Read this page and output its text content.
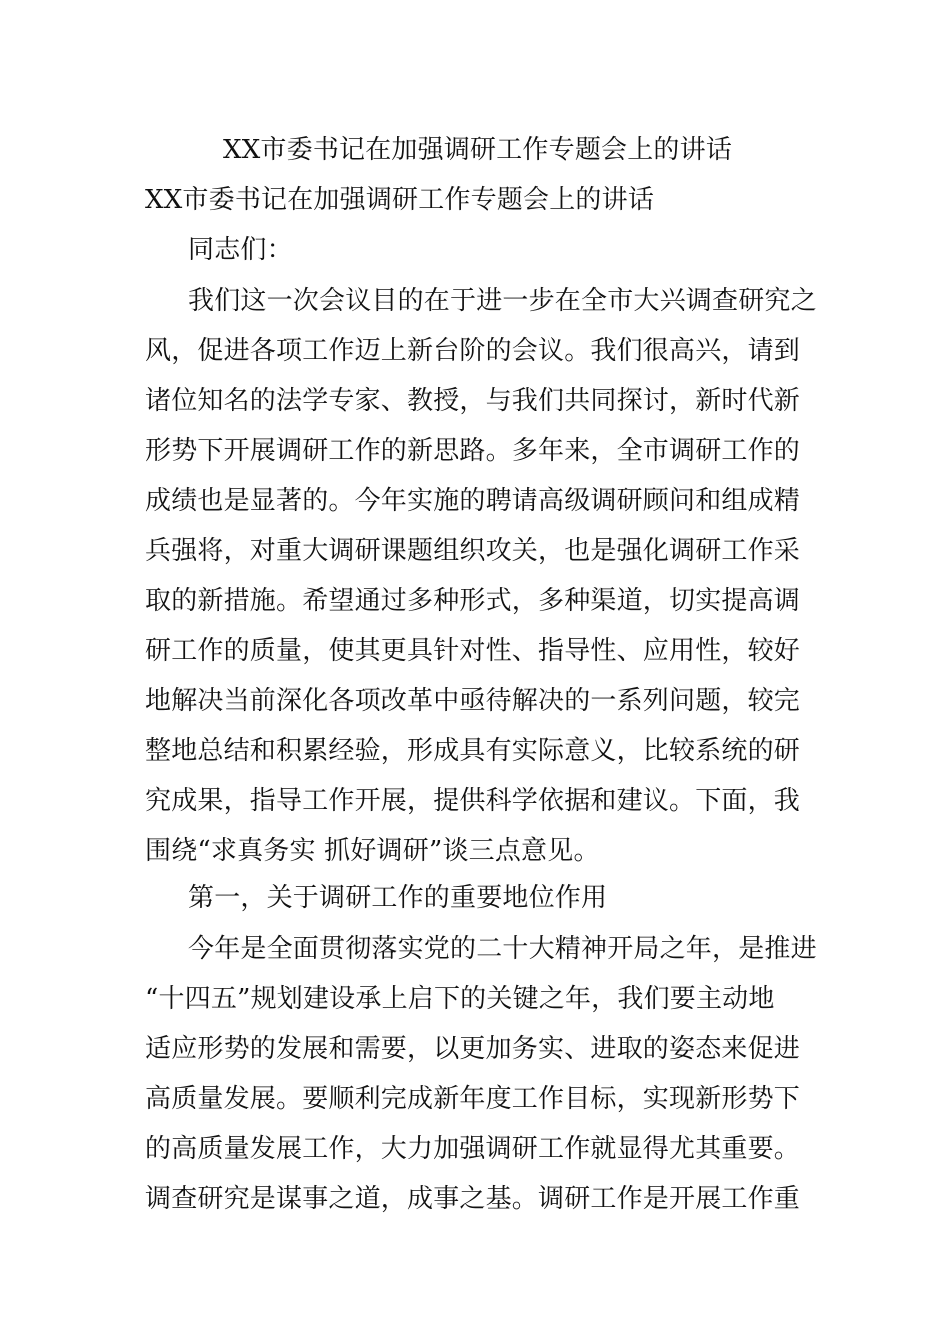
XX市委书记在加强调研工作专题会上的讲话
XX市委书记在加强调研工作专题会上的讲话
同志们：
我们这一次会议目的在于进一步在全市大兴调查研究之
风，促进各项工作迈上新台阶的会议。我们很高兴，请到
诸位知名的法学专家、教授，与我们共同探讨，新时代新
形势下开展调研工作的新思路。多年来，全市调研工作的
成绩也是显著的。今年实施的聘请高级调研顾问和组成精
兵强将，对重大调研课题组织攻关，也是强化调研工作采
取的新措施。希望通过多种形式，多种渠道，切实提高调
研工作的质量，使其更具针对性、指导性、应用性，较好
地解决当前深化各项改革中亟待解决的一系列问题，较完
整地总结和积累经验，形成具有实际意义，比较系统的研
究成果，指导工作开展，提供科学依据和建议。下面，我
围绕“求真务实 抓好调研”谈三点意见。
第一，关于调研工作的重要地位作用
今年是全面贯彻落实党的二十大精神开局之年，是推进
“十四五”规划建设承上启下的关键之年，我们要主动地
适应形势的发展和需要，以更加务实、进取的姿态来促进
高质量发展。要顺利完成新年度工作目标，实现新形势下
的高质量发展工作，大力加强调研工作就显得尤其重要。
调查研究是谋事之道，成事之基。调研工作是开展工作重
